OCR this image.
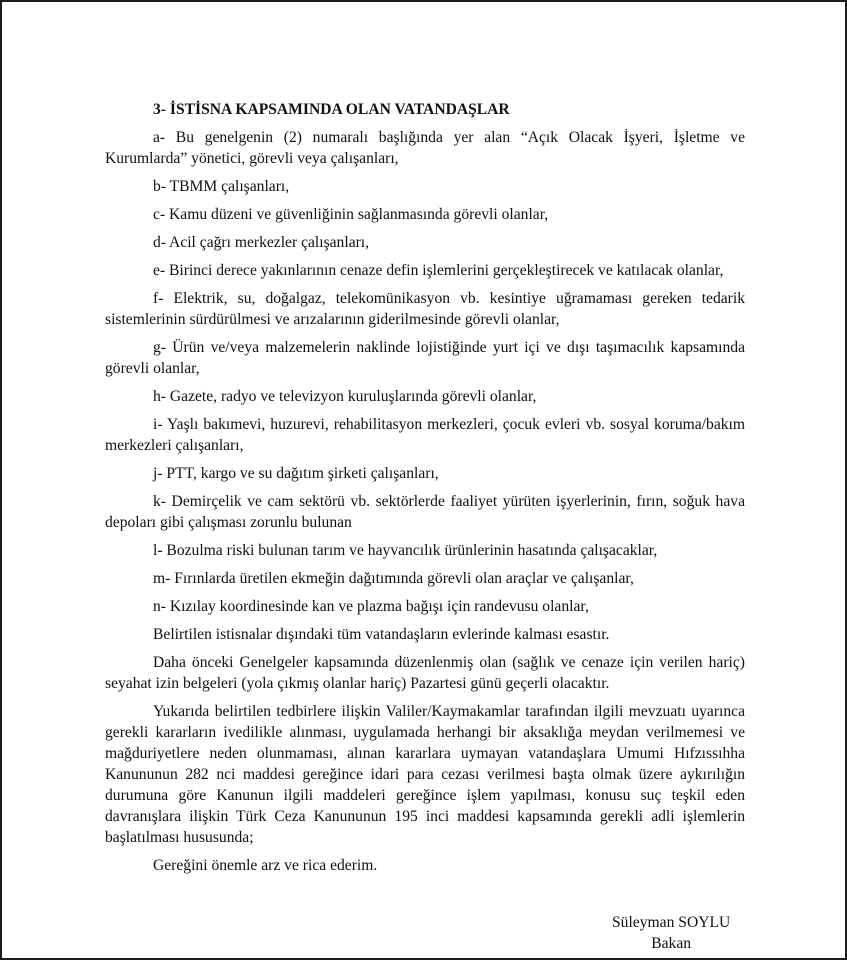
3- İSTİSNA KAPSAMINDA OLAN VATANDAŞLAR

a- Bu genelgenin (2) numaralı başlığında yer alan “Açık Olacak İşyeri, İşletme ve Kurumlarda” yönetici, görevli veya çalışanları,

b- TBMM çalışanları,

c- Kamu düzeni ve güvenliğinin sağlanmasında görevli olanlar,

d- Acil çağrı merkezler çalışanları,

e- Birinci derece yakınlarının cenaze defin işlemlerini gerçekleştirecek ve katılacak olanlar,

f- Elektrik, su, doğalgaz, telekomünikasyon vb. kesintiye uğramaması gereken tedarik sistemlerinin sürdürülmesi ve arızalarının giderilmesinde görevli olanlar,

g- Ürün ve/veya malzemelerin naklinde lojistiğinde yurt içi ve dışı taşımacılık kapsamında görevli olanlar,

h- Gazete, radyo ve televizyon kuruluşlarında görevli olanlar,

i- Yaşlı bakımevi, huzurevi, rehabilitasyon merkezleri, çocuk evleri vb. sosyal koruma/bakım merkezleri çalışanları,

j- PTT, kargo ve su dağıtım şirketi çalışanları,

k- Demirçelik ve cam sektörü vb. sektörlerde faaliyet yürüten işyerlerinin, fırın, soğuk hava depoları gibi çalışması zorunlu bulunan

l- Bozulma riski bulunan tarım ve hayvancılık ürünlerinin hasatında çalışacaklar,

m- Fırınlarda üretilen ekmeğin dağıtımında görevli olan araçlar ve çalışanlar,

n- Kızılay koordinesinde kan ve plazma bağışı için randevusu olanlar,

Belirtilen istisnalar dışındaki tüm vatandaşların evlerinde kalması esastır.

Daha önceki Genelgeler kapsamında düzenlenmiş olan (sağlık ve cenaze için verilen hariç) seyahat izin belgeleri (yola çıkmış olanlar hariç) Pazartesi günü geçerli olacaktır.

Yukarıda belirtilen tedbirlere ilişkin Valiler/Kaymakamlar tarafından ilgili mevzuatı uyarınca gerekli kararların ivedilikle alınması, uygulamada herhangi bir aksaklığa meydan verilmemesi ve mağduriyetlere neden olunmaması, alınan kararlara uymayan vatandaşlara Umumi Hıfzıssıhha Kanununun 282 nci maddesi gereğince idari para cezası verilmesi başta olmak üzere aykırılığın durumuna göre Kanunun ilgili maddeleri gereğince işlem yapılması, konusu suç teşkil eden davranışlara ilişkin Türk Ceza Kanununun 195 inci maddesi kapsamında gerekli adli işlemlerin başlatılması hususunda;

Gereğini önemle arz ve rica ederim.

Süleyman SOYLU
Bakan
